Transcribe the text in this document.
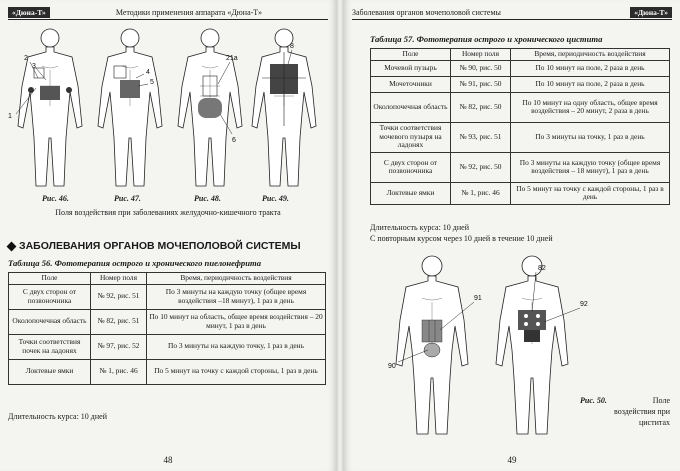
«Дюна-Т»	Методики применения аппарата «Дюна-Т»
1
2
3
4
5
21а
6
8
Рис. 46.	Рис. 47.	Рис. 48.	Рис. 49.
Поля воздействия при заболеваниях желудочно-кишечного тракта
ЗАБОЛЕВАНИЯ ОРГАНОВ МОЧЕПОЛОВОЙ СИСТЕМЫ
Таблица 56. Фототерапия острого и хронического пиелонефрита
Поле	Номер поля	Время, периодичность воздействия
С двух сторон от позвоночника	№ 92, рис. 51	По 3 минуты на каждую точку (общее время воздействия –18 минут), 1 раз в день
Околопочечная область	№ 82, рис. 51	По 10 минут на область, общее время воздействия – 20 минут, 1 раз в день
Точки соответствия почек на ладонях	№ 97, рис. 52	По 3 минуты на каждую точку, 1 раз в день
Локтевые ямки	№ 1, рис. 46	По 5 минут на точку с каждой стороны, 1 раз в день
Длительность курса: 10 дней
48
Заболевания органов мочеполовой системы	«Дюна-Т»
Таблица 57. Фототерапия острого и хронического цистита
Поле	Номер поля	Время, периодичность воздействия
Мочевой пузырь	№ 90, рис. 50	По 10 минут на поле, 2 раза в день
Мочеточники	№ 91, рис. 50	По 10 минут на поле, 2 раза в день
Околопочечная область	№ 82, рис. 50	По 10 минут на одну область, общее время воздействия – 20 минут, 2 раза в день
Точки соответствия мочевого пузыря на ладонях	№ 93, рис. 51	По 3 минуты на точку, 1 раз в день
С двух сторон от позвоночника	№ 92, рис. 50	По 3 минуты на каждую точку (общее время воздействия – 18 минут), 1 раз в день
Локтевые ямки	№ 1, рис. 46	По 5 минут на точку с каждой стороны, 1 раз в день
Длительность курса: 10 дней
С повторным курсом через 10 дней в течение 10 дней
82
91
92
90
Рис. 50.	Поле воздействия при циститах
49
